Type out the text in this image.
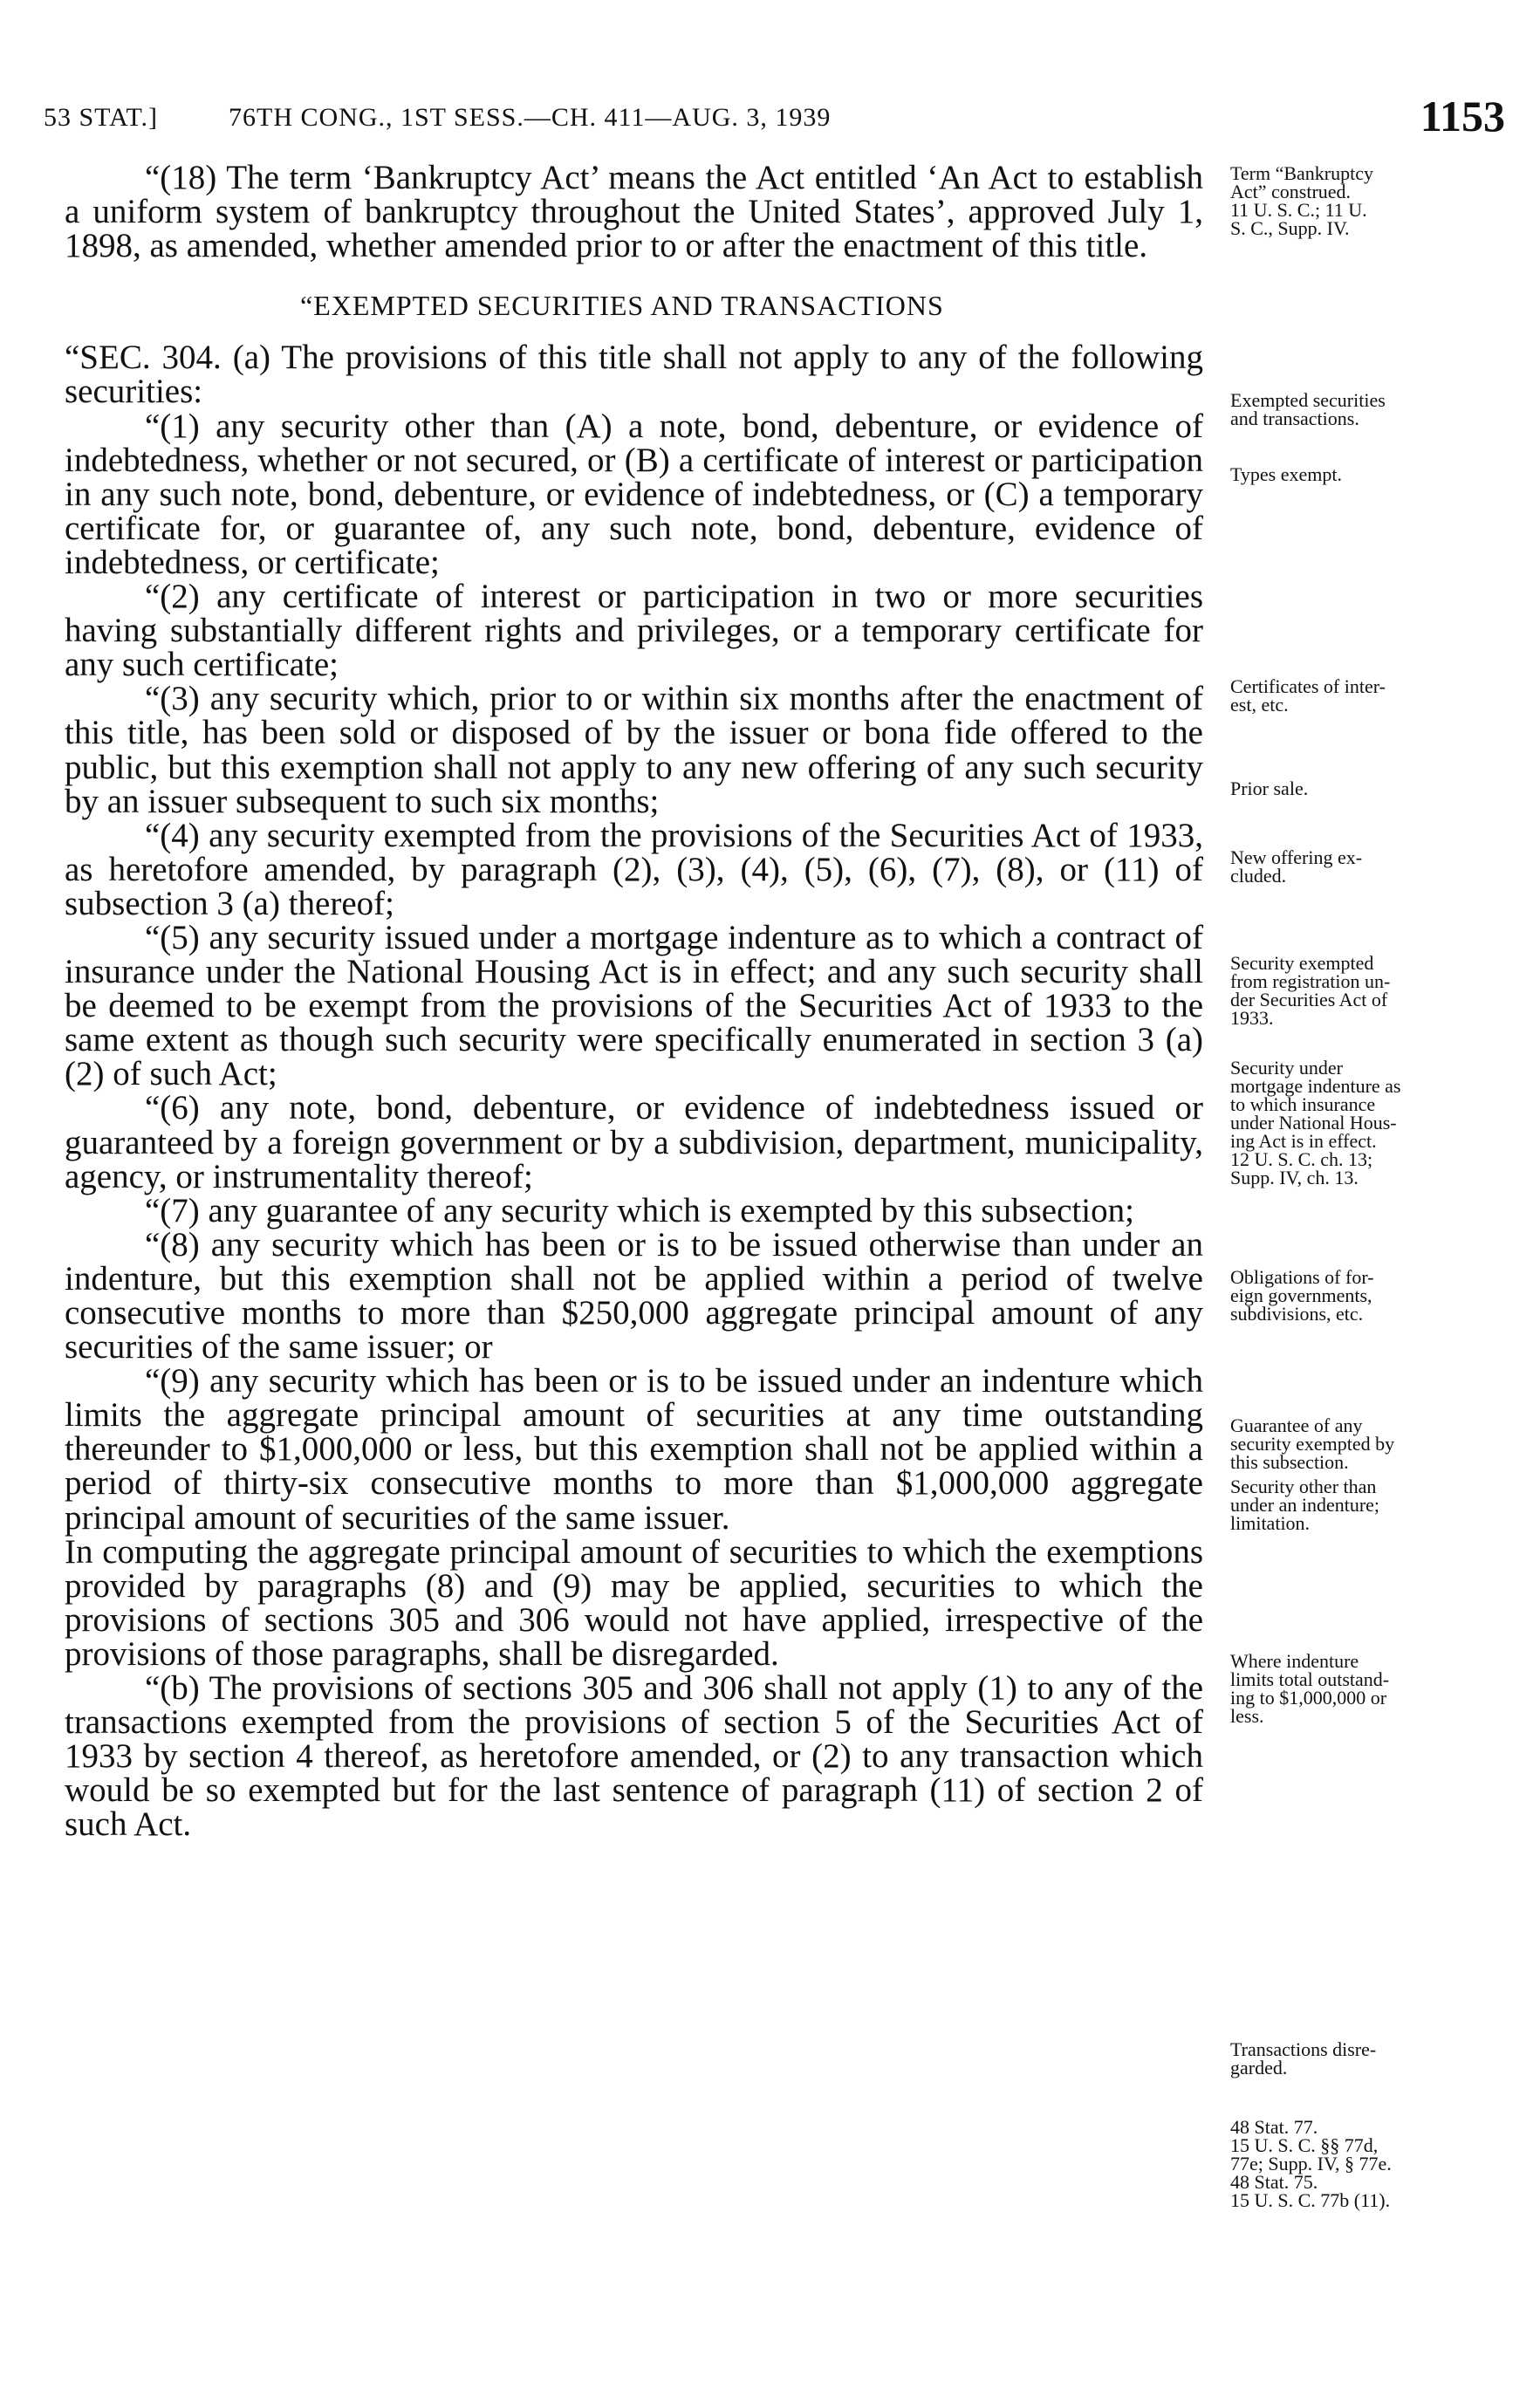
53 STAT.]	76TH CONG., 1ST SESS.—CH. 411—AUG. 3, 1939	1153

“(18) The term ‘Bankruptcy Act’ means the Act entitled ‘An Act to establish a uniform system of bankruptcy throughout the United States’, approved July 1, 1898, as amended, whether amended prior to or after the enactment of this title.

“EXEMPTED SECURITIES AND TRANSACTIONS

“SEC. 304. (a) The provisions of this title shall not apply to any of the following securities:

“(1) any security other than (A) a note, bond, debenture, or evidence of indebtedness, whether or not secured, or (B) a certificate of interest or participation in any such note, bond, debenture, or evidence of indebtedness, or (C) a temporary certificate for, or guarantee of, any such note, bond, debenture, evidence of indebtedness, or certificate;

“(2) any certificate of interest or participation in two or more securities having substantially different rights and privileges, or a temporary certificate for any such certificate;

“(3) any security which, prior to or within six months after the enactment of this title, has been sold or disposed of by the issuer or bona fide offered to the public, but this exemption shall not apply to any new offering of any such security by an issuer subsequent to such six months;

“(4) any security exempted from the provisions of the Securities Act of 1933, as heretofore amended, by paragraph (2), (3), (4), (5), (6), (7), (8), or (11) of subsection 3 (a) thereof;

“(5) any security issued under a mortgage indenture as to which a contract of insurance under the National Housing Act is in effect; and any such security shall be deemed to be exempt from the provisions of the Securities Act of 1933 to the same extent as though such security were specifically enumerated in section 3 (a) (2) of such Act;

“(6) any note, bond, debenture, or evidence of indebtedness issued or guaranteed by a foreign government or by a subdivision, department, municipality, agency, or instrumentality thereof;

“(7) any guarantee of any security which is exempted by this subsection;

“(8) any security which has been or is to be issued otherwise than under an indenture, but this exemption shall not be applied within a period of twelve consecutive months to more than $250,000 aggregate principal amount of any securities of the same issuer; or

“(9) any security which has been or is to be issued under an indenture which limits the aggregate principal amount of securities at any time outstanding thereunder to $1,000,000 or less, but this exemption shall not be applied within a period of thirty-six consecutive months to more than $1,000,000 aggregate principal amount of securities of the same issuer.

In computing the aggregate principal amount of securities to which the exemptions provided by paragraphs (8) and (9) may be applied, securities to which the provisions of sections 305 and 306 would not have applied, irrespective of the provisions of those paragraphs, shall be disregarded.

“(b) The provisions of sections 305 and 306 shall not apply (1) to any of the transactions exempted from the provisions of section 5 of the Securities Act of 1933 by section 4 thereof, as heretofore amended, or (2) to any transaction which would be so exempted but for the last sentence of paragraph (11) of section 2 of such Act.

Term “Bankruptcy
Act” construed.
11 U. S. C.; 11 U.
S. C., Supp. IV.
Exempted securities
and transactions.
Types exempt.
Certificates of inter-
est, etc.
Prior sale.
New offering ex-
cluded.
Security exempted
from registration un-
der Securities Act of
1933.
Security under
mortgage indenture as
to which insurance
under National Hous-
ing Act is in effect.
12 U. S. C. ch. 13;
Supp. IV, ch. 13.
Obligations of for-
eign governments,
subdivisions, etc.
Guarantee of any
security exempted by
this subsection.
Security other than
under an indenture;
limitation.
Where indenture
limits total outstand-
ing to $1,000,000 or
less.
Transactions disre-
garded.
48 Stat. 77.
15 U. S. C. §§ 77d,
77e; Supp. IV, § 77e.
48 Stat. 75.
15 U. S. C. 77b (11).
